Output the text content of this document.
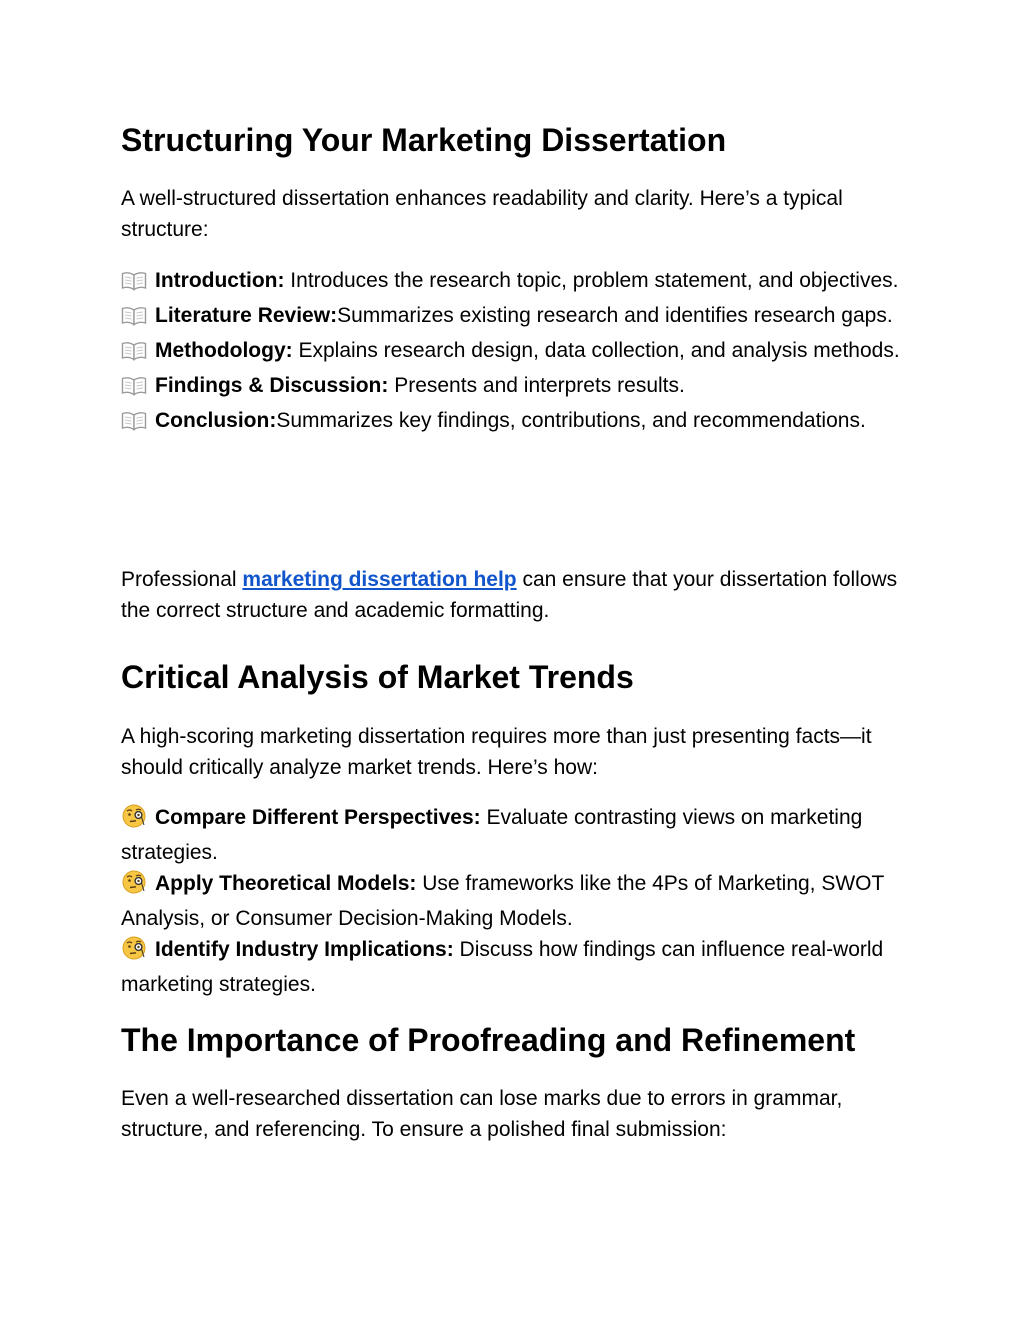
Structuring Your Marketing Dissertation

A well-structured dissertation enhances readability and clarity. Here’s a typical structure:

Introduction: Introduces the research topic, problem statement, and objectives.
Literature Review:Summarizes existing research and identifies research gaps.
Methodology: Explains research design, data collection, and analysis methods.
Findings & Discussion: Presents and interprets results.
Conclusion:Summarizes key findings, contributions, and recommendations.

Professional marketing dissertation help can ensure that your dissertation follows the correct structure and academic formatting.

Critical Analysis of Market Trends

A high-scoring marketing dissertation requires more than just presenting facts—it should critically analyze market trends. Here’s how:

Compare Different Perspectives: Evaluate contrasting views on marketing strategies.
Apply Theoretical Models: Use frameworks like the 4Ps of Marketing, SWOT Analysis, or Consumer Decision-Making Models.
Identify Industry Implications: Discuss how findings can influence real-world marketing strategies.
The Importance of Proofreading and Refinement

Even a well-researched dissertation can lose marks due to errors in grammar, structure, and referencing. To ensure a polished final submission:
